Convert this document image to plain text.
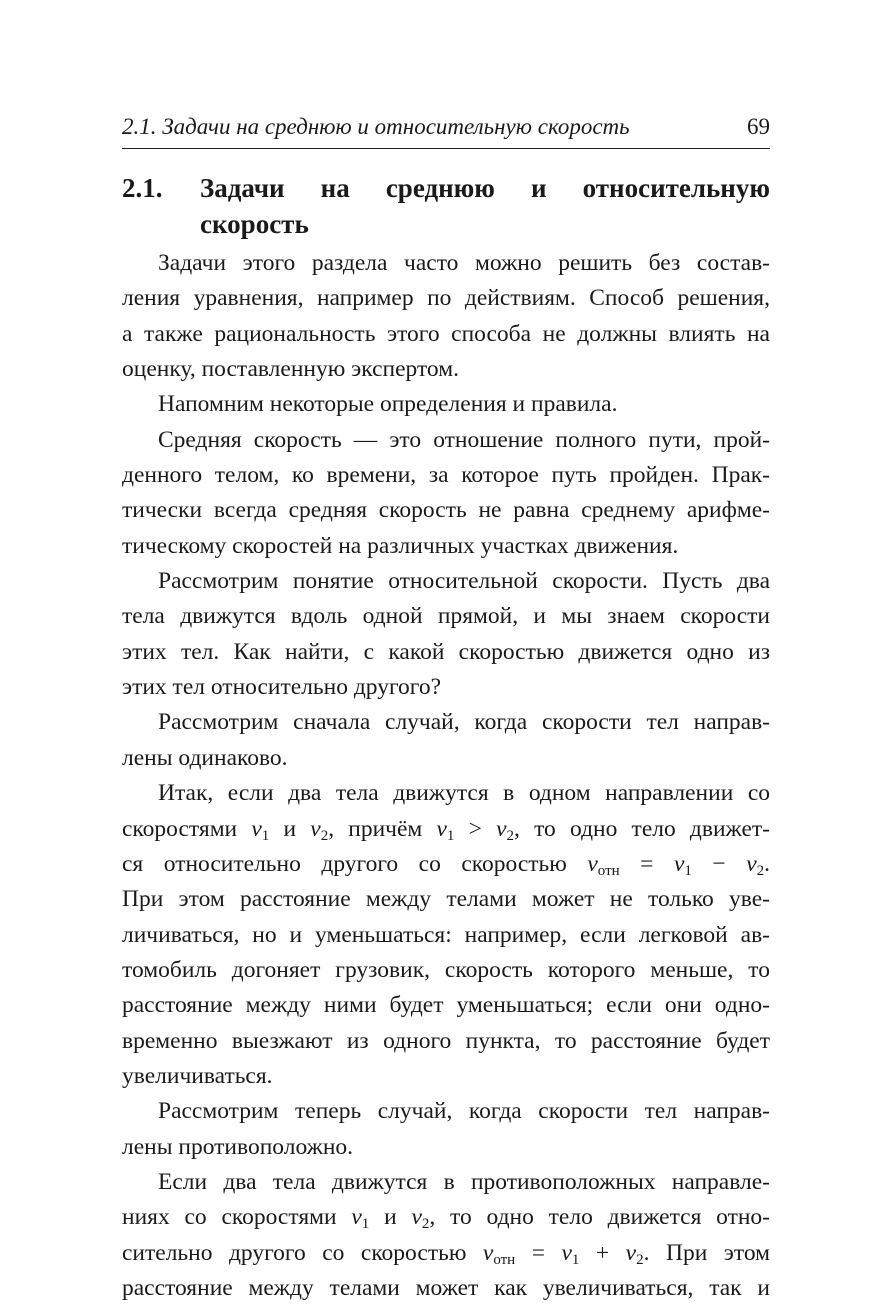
2.1. Задачи на среднюю и относительную скорость	69
2.1.	Задачи на среднюю и относительную
скорость
Задачи этого раздела часто можно решить без состав-
ления уравнения, например по действиям. Способ решения,
а также рациональность этого способа не должны влиять на
оценку, поставленную экспертом.
Напомним некоторые определения и правила.
Средняя скорость — это отношение полного пути, прой-
денного телом, ко времени, за которое путь пройден. Прак-
тически всегда средняя скорость не равна среднему арифме-
тическому скоростей на различных участках движения.
Рассмотрим понятие относительной скорости. Пусть два
тела движутся вдоль одной прямой, и мы знаем скорости
этих тел. Как найти, с какой скоростью движется одно из
этих тел относительно другого?
Рассмотрим сначала случай, когда скорости тел направ-
лены одинаково.
Итак, если два тела движутся в одном направлении со
скоростями $v_1$ и $v_2$, причём $v_1 > v_2$, то одно тело движет-
ся относительно другого со скоростью $v_{отн} = v_1 - v_2$.
При этом расстояние между телами может не только уве-
личиваться, но и уменьшаться: например, если легковой ав-
томобиль догоняет грузовик, скорость которого меньше, то
расстояние между ними будет уменьшаться; если они одно-
временно выезжают из одного пункта, то расстояние будет
увеличиваться.
Рассмотрим теперь случай, когда скорости тел направ-
лены противоположно.
Если два тела движутся в противоположных направле-
ниях со скоростями $v_1$ и $v_2$, то одно тело движется отно-
сительно другого со скоростью $v_{отн} = v_1 + v_2$. При этом
расстояние между телами может как увеличиваться, так и
